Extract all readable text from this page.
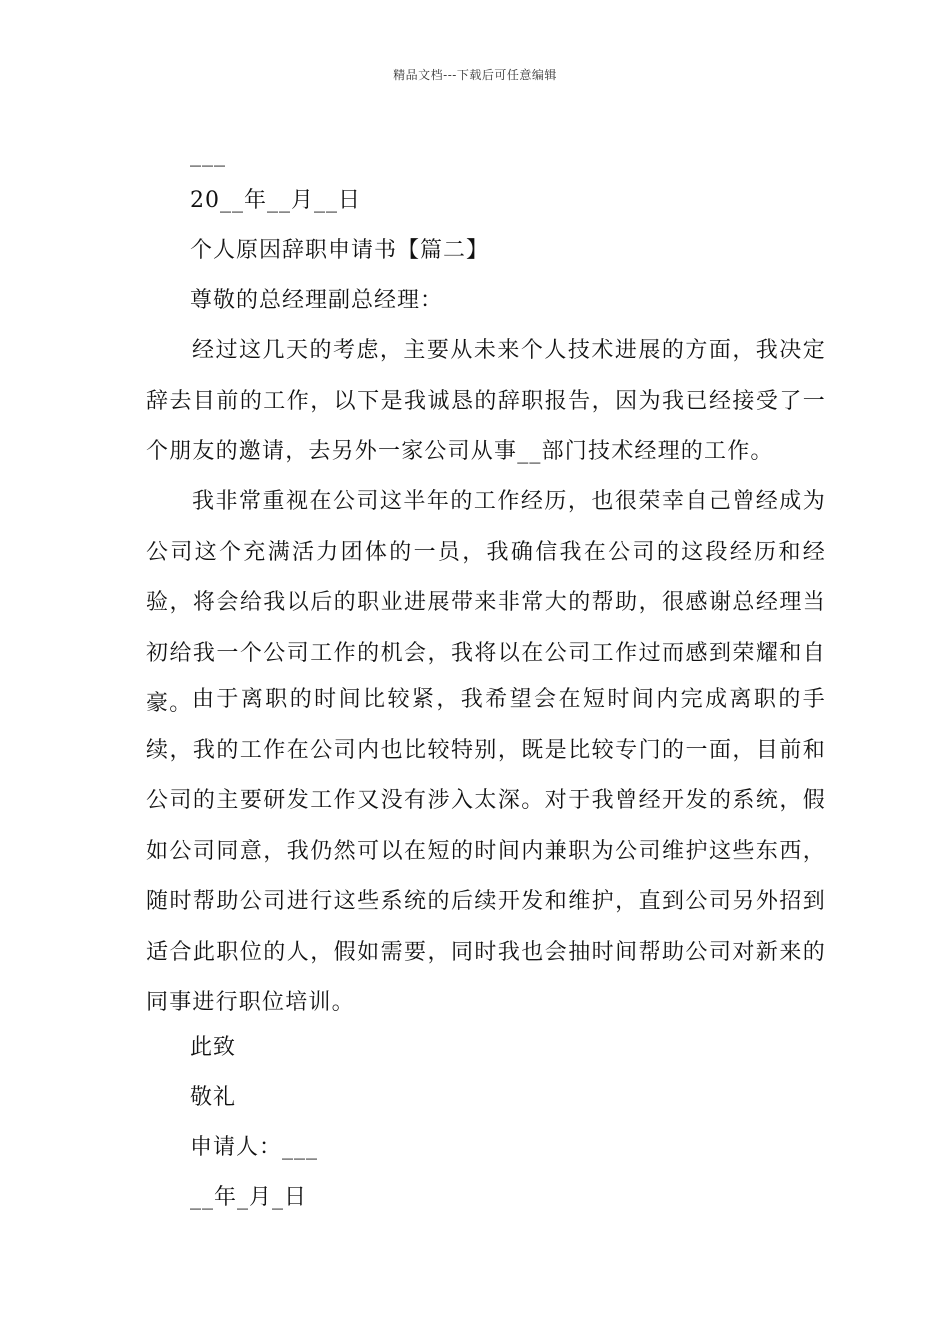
精品文档---下载后可任意编辑
___
20__年__月__日
个人原因辞职申请书【篇二】
尊敬的总经理副总经理：
经过这几天的考虑，主要从未来个人技术进展的方面，我决定辞去目前的工作，以下是我诚恳的辞职报告，因为我已经接受了一个朋友的邀请，去另外一家公司从事__部门技术经理的工作。
我非常重视在公司这半年的工作经历，也很荣幸自己曾经成为公司这个充满活力团体的一员，我确信我在公司的这段经历和经验，将会给我以后的职业进展带来非常大的帮助，很感谢总经理当初给我一个公司工作的机会，我将以在公司工作过而感到荣耀和自豪。 由于离职的时间比较紧，我希望会在短时间内完成离职的手续，我的工作在公司内也比较特别，既是比较专门的一面，目前和公司的主要研发工作又没有涉入太深。对于我曾经开发的系统，假如公司同意，我仍然可以在短的时间内兼职为公司维护这些东西，随时帮助公司进行这些系统的后续开发和维护，直到公司另外招到适合此职位的人，假如需要，同时我也会抽时间帮助公司对新来的同事进行职位培训。
此致
敬礼
申请人：___
__年_月_日
